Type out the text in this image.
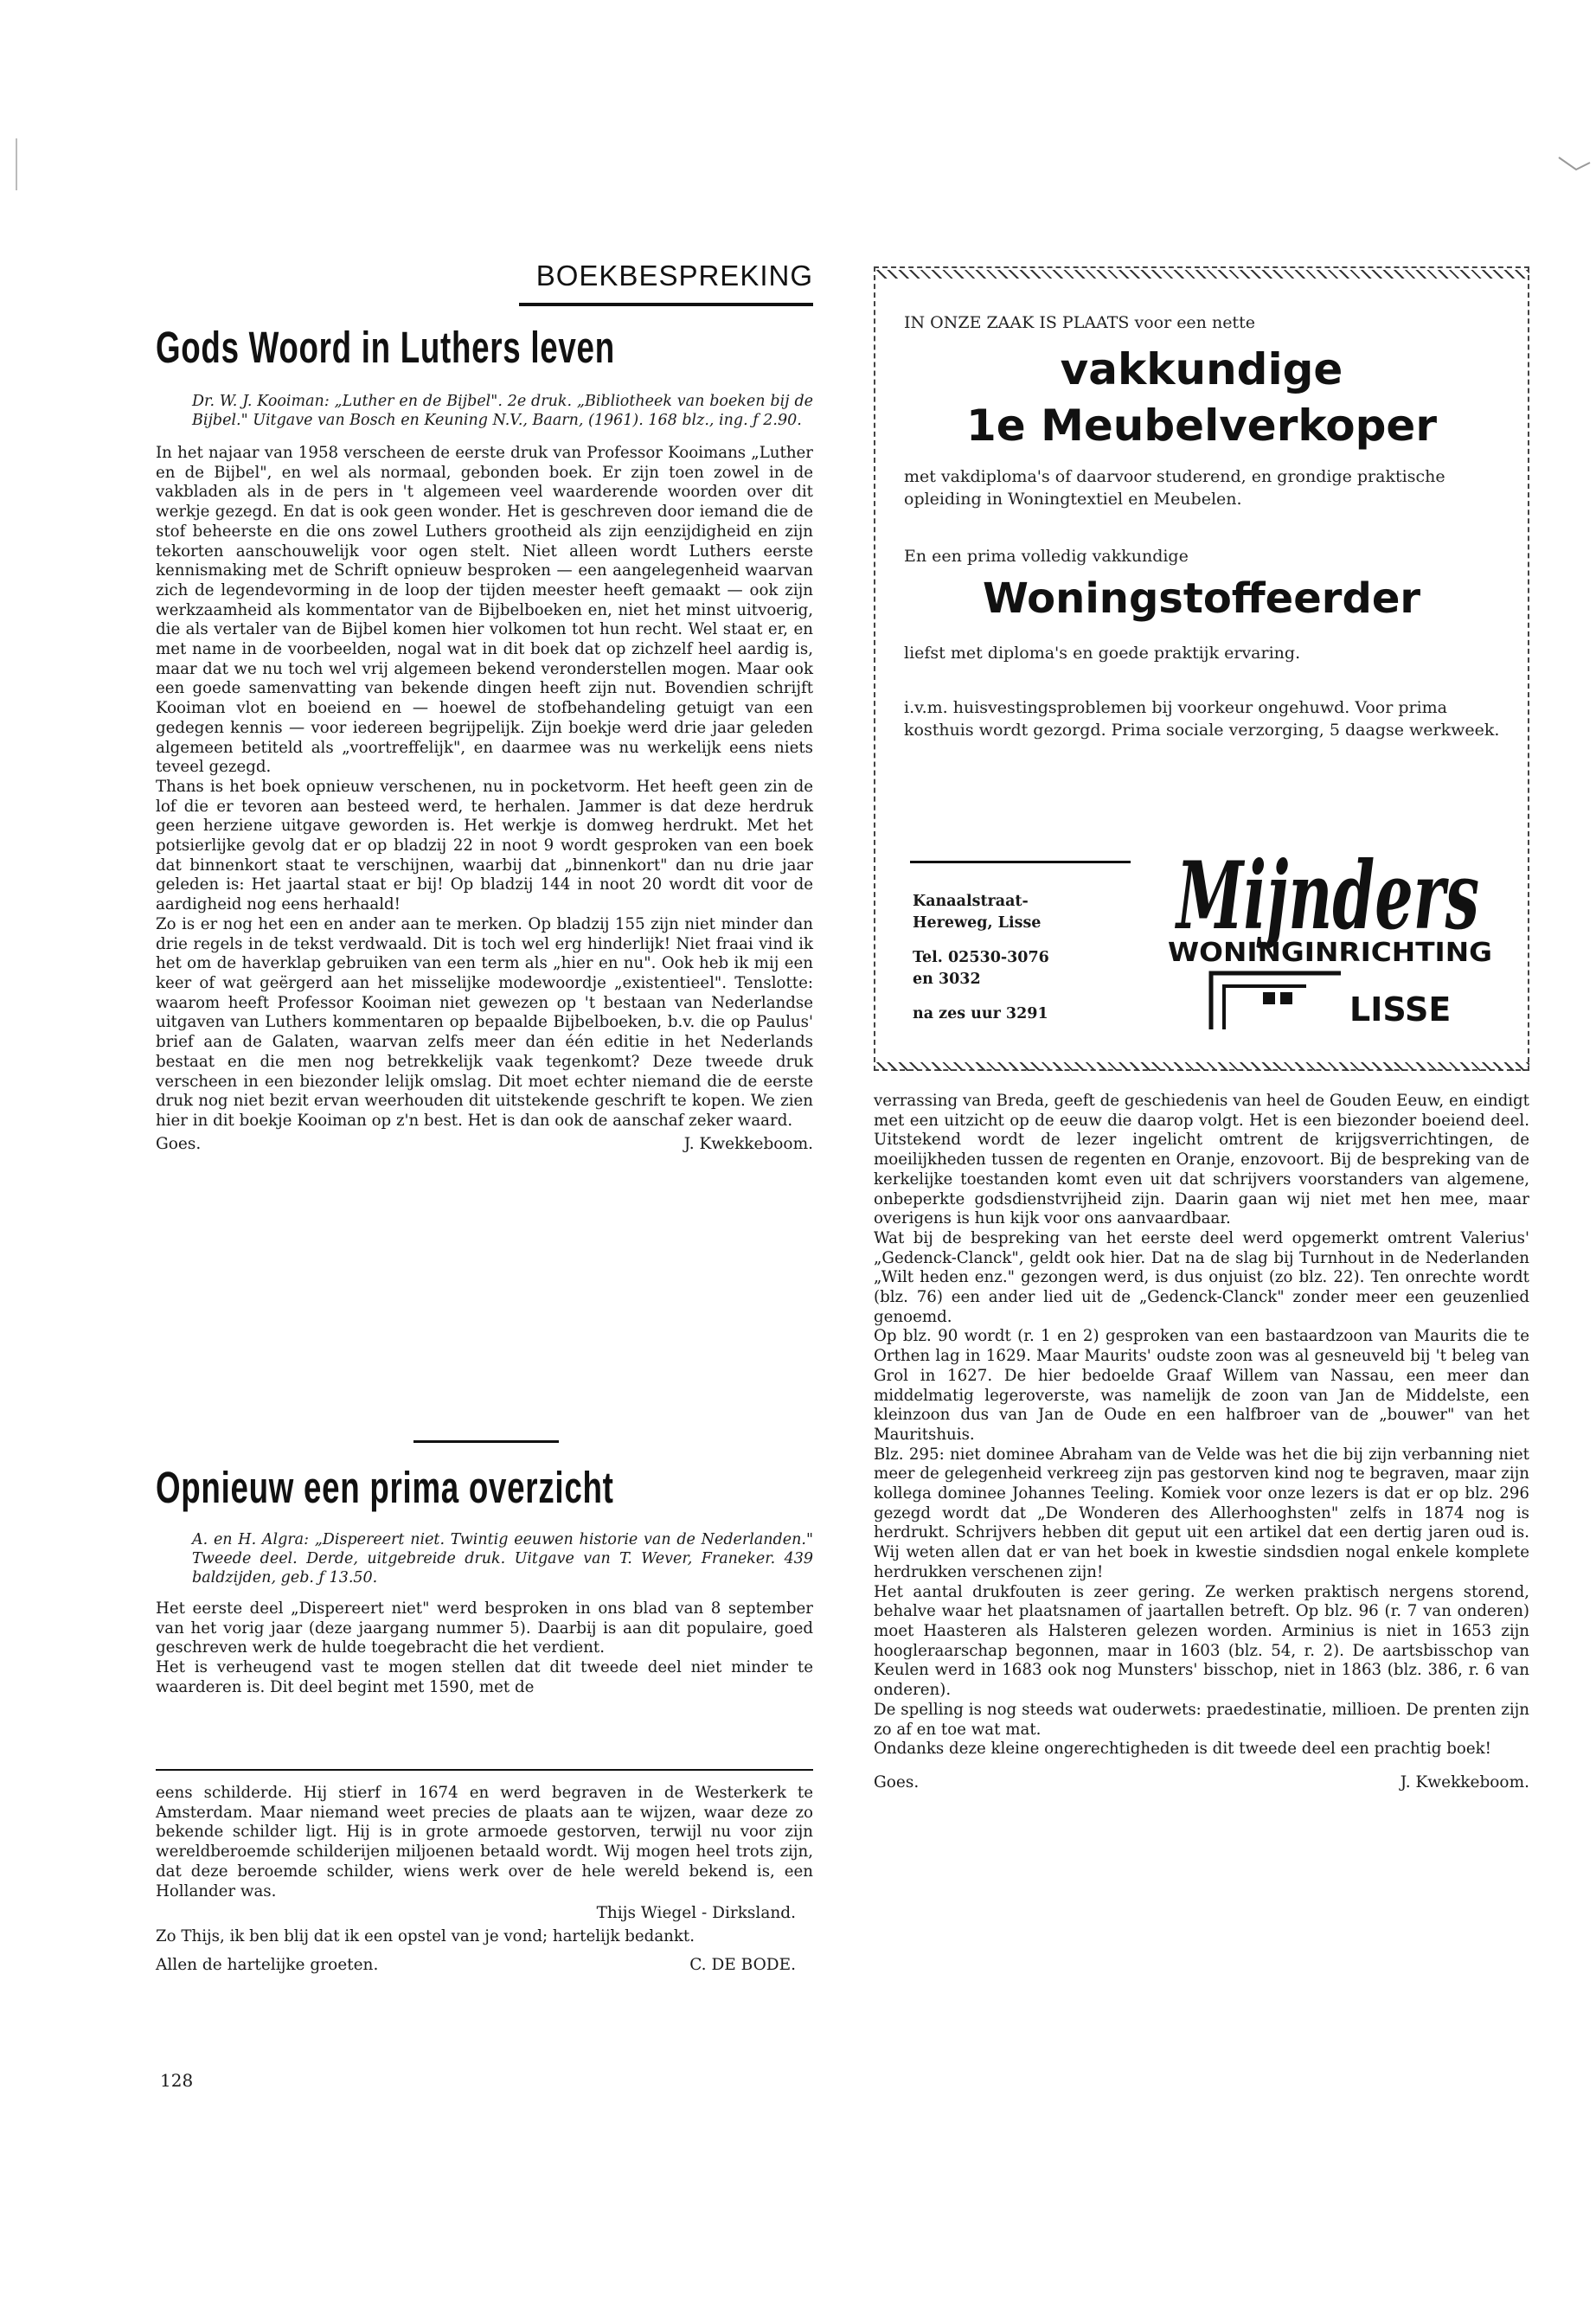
BOEKBESPREKING
Gods Woord in Luthers leven

Dr. W. J. Kooiman: „Luther en de Bijbel". 2e druk. „Bibliotheek van boeken bij de Bijbel." Uitgave van Bosch en Keuning N.V., Baarn, (1961). 168 blz., ing. ƒ 2.90.

In het najaar van 1958 verscheen de eerste druk van Professor Kooimans „Luther en de Bijbel", en wel als normaal, gebonden boek. Er zijn toen zowel in de vakbladen als in de pers in 't algemeen veel waarderende woorden over dit werkje gezegd. En dat is ook geen wonder. Het is geschreven door iemand die de stof beheerste en die ons zowel Luthers grootheid als zijn eenzijdigheid en zijn tekorten aanschouwelijk voor ogen stelt. Niet alleen wordt Luthers eerste kennismaking met de Schrift opnieuw besproken — een aangelegenheid waarvan zich de legendevorming in de loop der tijden meester heeft gemaakt — ook zijn werkzaamheid als kommentator van de Bijbelboeken en, niet het minst uitvoerig, die als vertaler van de Bijbel komen hier volkomen tot hun recht. Wel staat er, en met name in de voorbeelden, nogal wat in dit boek dat op zichzelf heel aardig is, maar dat we nu toch wel vrij algemeen bekend veronderstellen mogen. Maar ook een goede samenvatting van bekende dingen heeft zijn nut. Bovendien schrijft Kooiman vlot en boeiend en — hoewel de stofbehandeling getuigt van een gedegen kennis — voor iedereen begrijpelijk. Zijn boekje werd drie jaar geleden algemeen betiteld als „voortreffelijk", en daarmee was nu werkelijk eens niets teveel gezegd.
Thans is het boek opnieuw verschenen, nu in pocketvorm. Het heeft geen zin de lof die er tevoren aan besteed werd, te herhalen. Jammer is dat deze herdruk geen herziene uitgave geworden is. Het werkje is domweg herdrukt. Met het potsierlijke gevolg dat er op bladzij 22 in noot 9 wordt gesproken van een boek dat binnenkort staat te verschijnen, waarbij dat „binnenkort" dan nu drie jaar geleden is: Het jaartal staat er bij! Op bladzij 144 in noot 20 wordt dit voor de aardigheid nog eens herhaald!
Zo is er nog het een en ander aan te merken. Op bladzij 155 zijn niet minder dan drie regels in de tekst verdwaald. Dit is toch wel erg hinderlijk! Niet fraai vind ik het om de haverklap gebruiken van een term als „hier en nu". Ook heb ik mij een keer of wat geërgerd aan het misselijke modewoordje „existentieel". Tenslotte: waarom heeft Professor Kooiman niet gewezen op 't bestaan van Nederlandse uitgaven van Luthers kommentaren op bepaalde Bijbelboeken, b.v. die op Paulus' brief aan de Galaten, waarvan zelfs meer dan één editie in het Nederlands bestaat en die men nog betrekkelijk vaak tegenkomt? Deze tweede druk verscheen in een biezonder lelijk omslag. Dit moet echter niemand die de eerste druk nog niet bezit ervan weerhouden dit uitstekende geschrift te kopen. We zien hier in dit boekje Kooiman op z'n best. Het is dan ook de aanschaf zeker waard.

Goes.	J. Kwekkeboom.
Opnieuw een prima overzicht

A. en H. Algra: „Dispereert niet. Twintig eeuwen historie van de Nederlanden." Tweede deel. Derde, uitgebreide druk. Uitgave van T. Wever, Franeker. 439 baldzijden, geb. ƒ 13.50.

Het eerste deel „Dispereert niet" werd besproken in ons blad van 8 september van het vorig jaar (deze jaargang nummer 5). Daarbij is aan dit populaire, goed geschreven werk de hulde toegebracht die het verdient.
Het is verheugend vast te mogen stellen dat dit tweede deel niet minder te waarderen is. Dit deel begint met 1590, met de

eens schilderde. Hij stierf in 1674 en werd begraven in de Westerkerk te Amsterdam. Maar niemand weet precies de plaats aan te wijzen, waar deze zo bekende schilder ligt. Hij is in grote armoede gestorven, terwijl nu voor zijn wereldberoemde schilderijen miljoenen betaald wordt. Wij mogen heel trots zijn, dat deze beroemde schilder, wiens werk over de hele wereld bekend is, een Hollander was.

Thijs Wiegel - Dirksland.

Zo Thijs, ik ben blij dat ik een opstel van je vond; hartelijk bedankt.

Allen de hartelijke groeten.	C. DE BODE.

IN ONZE ZAAK IS PLAATS voor een nette

vakkundige

1e Meubelverkoper

met vakdiploma's of daarvoor studerend, en grondige praktische opleiding in Woningtextiel en Meubelen.

En een prima volledig vakkundige

Woningstoffeerder

liefst met diploma's en goede praktijk ervaring.

i.v.m. huisvestingsproblemen bij voorkeur ongehuwd. Voor prima kosthuis wordt gezorgd. Prima sociale verzorging, 5 daagse werkweek.

Kanaalstraat-
Hereweg, Lisse

Tel. 02530-3076
en 3032

na zes uur 3291

Mijnders
WONINGINRICHTING
LISSE

verrassing van Breda, geeft de geschiedenis van heel de Gouden Eeuw, en eindigt met een uitzicht op de eeuw die daarop volgt. Het is een biezonder boeiend deel. Uitstekend wordt de lezer ingelicht omtrent de krijgsverrichtingen, de moeilijkheden tussen de regenten en Oranje, enzovoort. Bij de bespreking van de kerkelijke toestanden komt even uit dat schrijvers voorstanders van algemene, onbeperkte godsdienstvrijheid zijn. Daarin gaan wij niet met hen mee, maar overigens is hun kijk voor ons aanvaardbaar.
Wat bij de bespreking van het eerste deel werd opgemerkt omtrent Valerius' „Gedenck-Clanck", geldt ook hier. Dat na de slag bij Turnhout in de Nederlanden „Wilt heden enz." gezongen werd, is dus onjuist (zo blz. 22). Ten onrechte wordt (blz. 76) een ander lied uit de „Gedenck-Clanck" zonder meer een geuzenlied genoemd.
Op blz. 90 wordt (r. 1 en 2) gesproken van een bastaardzoon van Maurits die te Orthen lag in 1629. Maar Maurits' oudste zoon was al gesneuveld bij 't beleg van Grol in 1627. De hier bedoelde Graaf Willem van Nassau, een meer dan middelmatig legeroverste, was namelijk de zoon van Jan de Middelste, een kleinzoon dus van Jan de Oude en een halfbroer van de „bouwer" van het Mauritshuis.
Blz. 295: niet dominee Abraham van de Velde was het die bij zijn verbanning niet meer de gelegenheid verkreeg zijn pas gestorven kind nog te begraven, maar zijn kollega dominee Johannes Teeling. Komiek voor onze lezers is dat er op blz. 296 gezegd wordt dat „De Wonderen des Allerhooghsten" zelfs in 1874 nog is herdrukt. Schrijvers hebben dit geput uit een artikel dat een dertig jaren oud is. Wij weten allen dat er van het boek in kwestie sindsdien nogal enkele komplete herdrukken verschenen zijn!
Het aantal drukfouten is zeer gering. Ze werken praktisch nergens storend, behalve waar het plaatsnamen of jaartallen betreft. Op blz. 96 (r. 7 van onderen) moet Haasteren als Halsteren gelezen worden. Arminius is niet in 1653 zijn hoogleraarschap begonnen, maar in 1603 (blz. 54, r. 2). De aartsbisschop van Keulen werd in 1683 ook nog Munsters' bisschop, niet in 1863 (blz. 386, r. 6 van onderen).
De spelling is nog steeds wat ouderwets: praedestinatie, millioen. De prenten zijn zo af en toe wat mat.
Ondanks deze kleine ongerechtigheden is dit tweede deel een prachtig boek!

Goes.	J. Kwekkeboom.
128
